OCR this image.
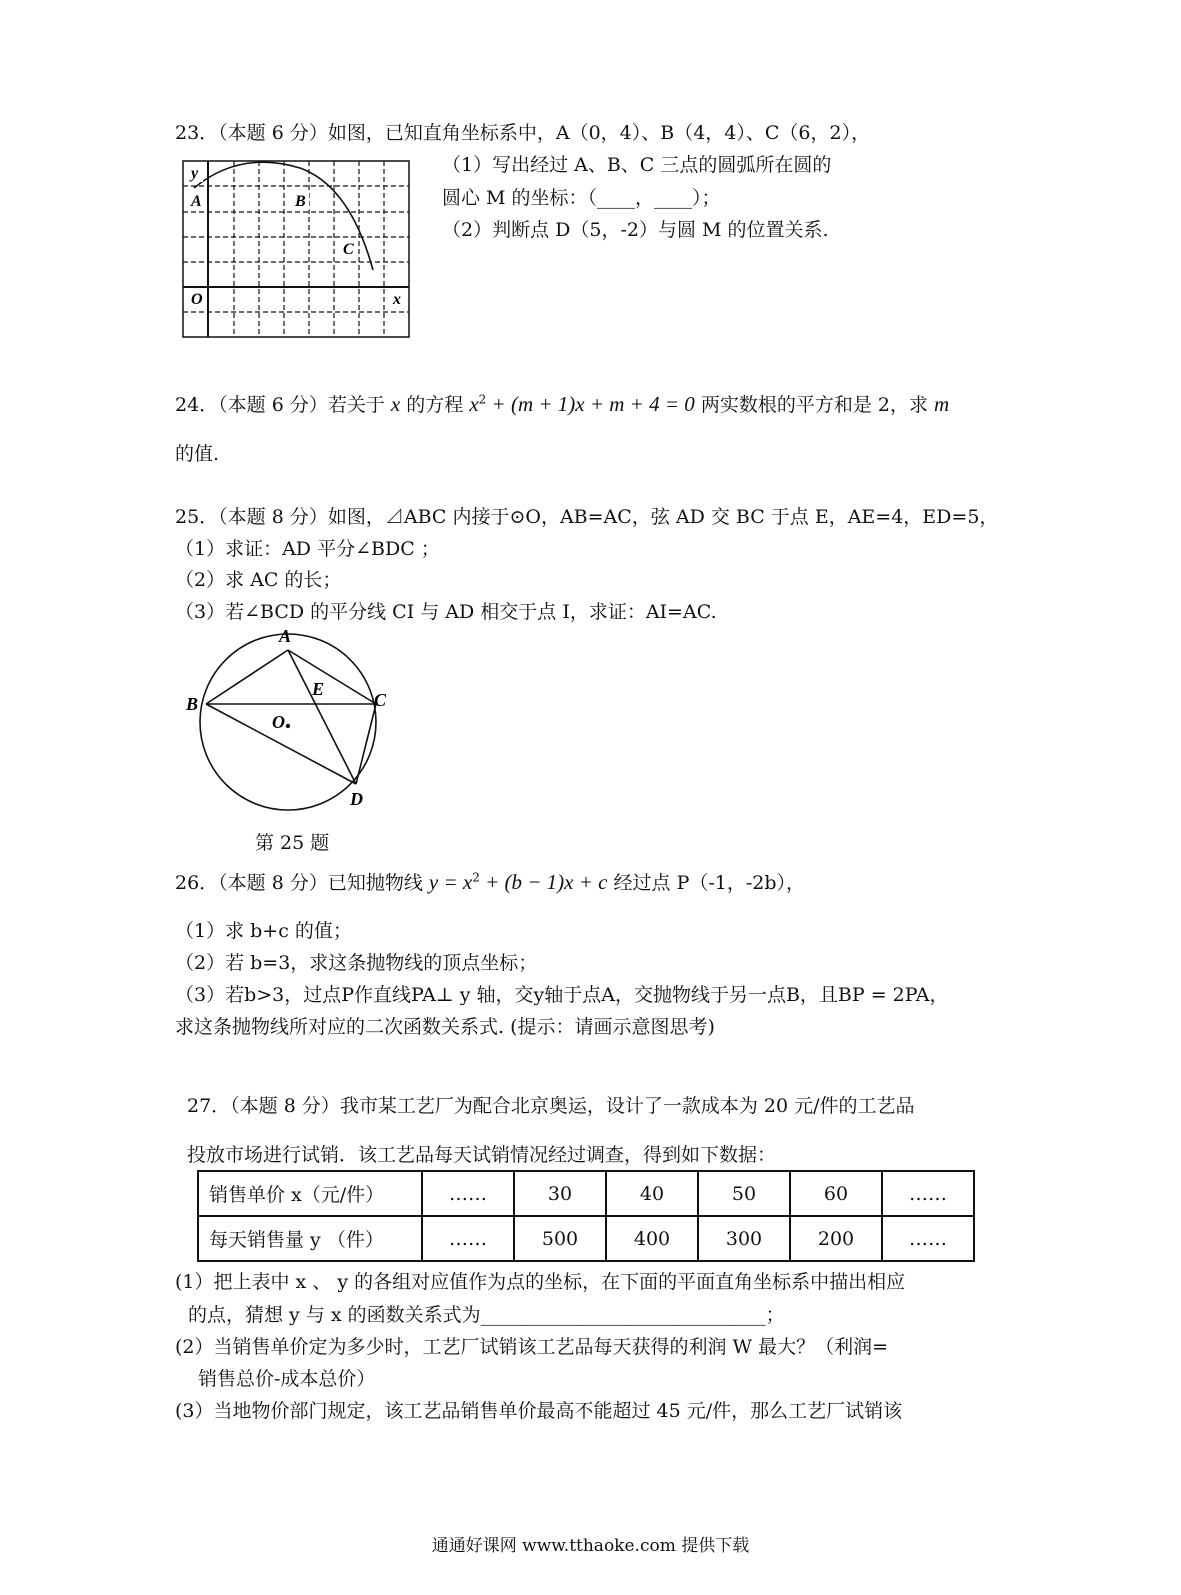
23．（本题 6 分）如图，已知直角坐标系中，A（0，4）、B（4，4）、C（6，2），
y
A	B
C
O	x
（1）写出经过 A、B、C 三点的圆弧所在圆的
圆心 M 的坐标：（____，____）；
（2）判断点 D（5，-2）与圆 M 的位置关系.
24．（本题 6 分）若关于 x 的方程 $x^2 + (m + 1)x + m + 4 = 0$ 两实数根的平方和是 2，求 m
的值.
25．（本题 8 分）如图，⊿ABC 内接于⊙O，AB=AC，弦 AD 交 BC 于点 E，AE=4，ED=5，
（1）求证：AD 平分∠BDC ；
（2）求 AC 的长；
（3）若∠BCD 的平分线 CI 与 AD 相交于点 I，求证：AI=AC.
A
B	C
D
E
O
第 25 题
26．（本题 8 分）已知抛物线 $y = x^2 + (b - 1)x + c$ 经过点 P（-1，-2b），
（1）求 b+c 的值；
（2）若 b=3，求这条抛物线的顶点坐标；
（3）若b>3，过点P作直线PA⊥ y 轴，交y轴于点A，交抛物线于另一点B，且BP = 2PA，
求这条抛物线所对应的二次函数关系式. (提示：请画示意图思考)
27．（本题 8 分）我市某工艺厂为配合北京奥运，设计了一款成本为 20 元/件的工艺品
投放市场进行试销．该工艺品每天试销情况经过调查，得到如下数据：
销售单价 x（元/件）	……	30	40	50	60	……
每天销售量 y （件）	……	500	400	300	200	……
(1）把上表中 x 、 y 的各组对应值作为点的坐标，在下面的平面直角坐标系中描出相应
的点，猜想 y 与 x 的函数关系式为______________________________；
(2）当销售单价定为多少时，工艺厂试销该工艺品每天获得的利润 W 最大？（利润=
销售总价-成本总价）
(3）当地物价部门规定，该工艺品销售单价最高不能超过 45 元/件，那么工艺厂试销该
通通好课网 www.tthaoke.com 提供下载
